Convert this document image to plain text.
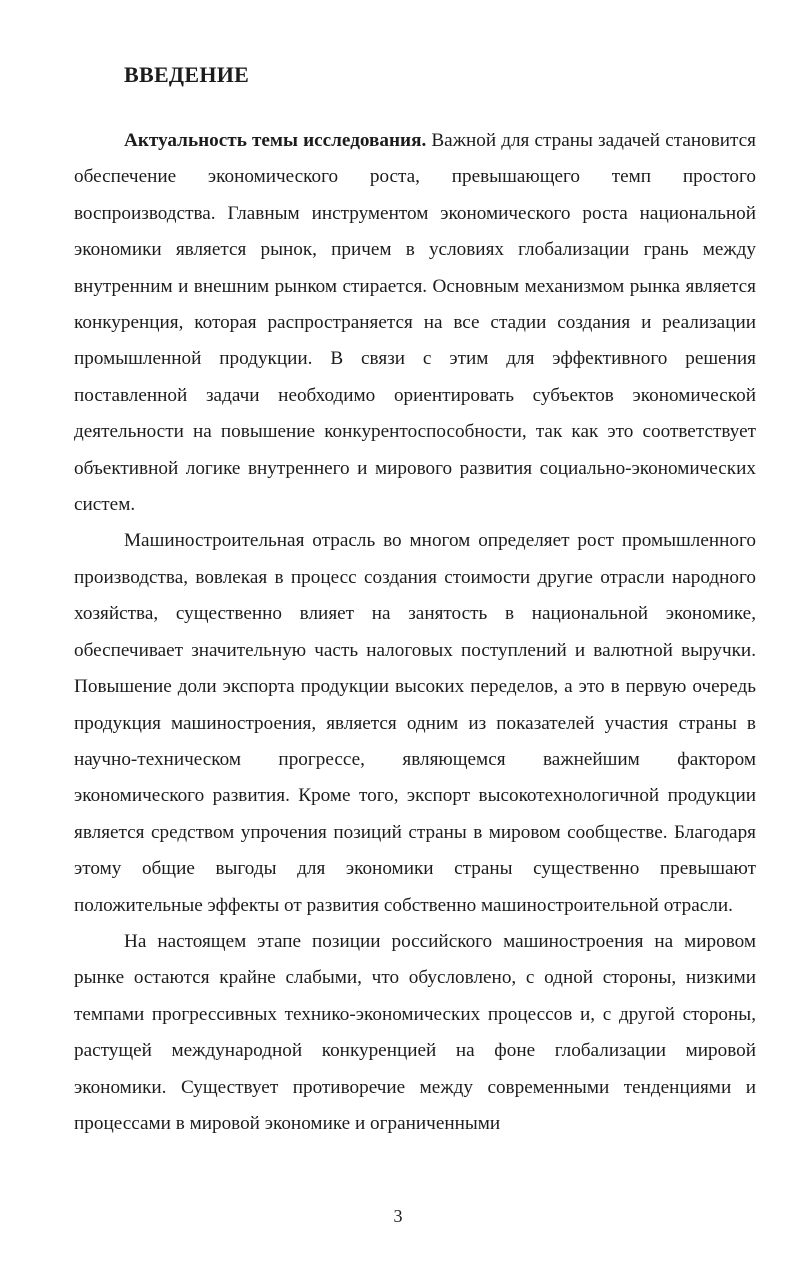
ВВЕДЕНИЕ

Актуальность темы исследования. Важной для страны задачей становится обеспечение экономического роста, превышающего темп простого воспроизводства. Главным инструментом экономического роста национальной экономики является рынок, причем в условиях глобализации грань между внутренним и внешним рынком стирается. Основным механизмом рынка является конкуренция, которая распространяется на все стадии создания и реализации промышленной продукции. В связи с этим для эффективного решения поставленной задачи необходимо ориентировать субъектов экономической деятельности на повышение конкурентоспособности, так как это соответствует объективной логике внутреннего и мирового развития социально-экономических систем.

Машиностроительная отрасль во многом определяет рост промышленного производства, вовлекая в процесс создания стоимости другие отрасли народного хозяйства, существенно влияет на занятость в национальной экономике, обеспечивает значительную часть налоговых поступлений и валютной выручки. Повышение доли экспорта продукции высоких переделов, а это в первую очередь продукция машиностроения, является одним из показателей участия страны в научно-техническом прогрессе, являющемся важнейшим фактором экономического развития. Кроме того, экспорт высокотехнологичной продукции является средством упрочения позиций страны в мировом сообществе. Благодаря этому общие выгоды для экономики страны существенно превышают положительные эффекты от развития собственно машиностроительной отрасли.

На настоящем этапе позиции российского машиностроения на мировом рынке остаются крайне слабыми, что обусловлено, с одной стороны, низкими темпами прогрессивных технико-экономических процессов и, с другой стороны, растущей международной конкуренцией на фоне глобализации мировой экономики. Существует противоречие между современными тенденциями и процессами в мировой экономике и ограниченными

3
